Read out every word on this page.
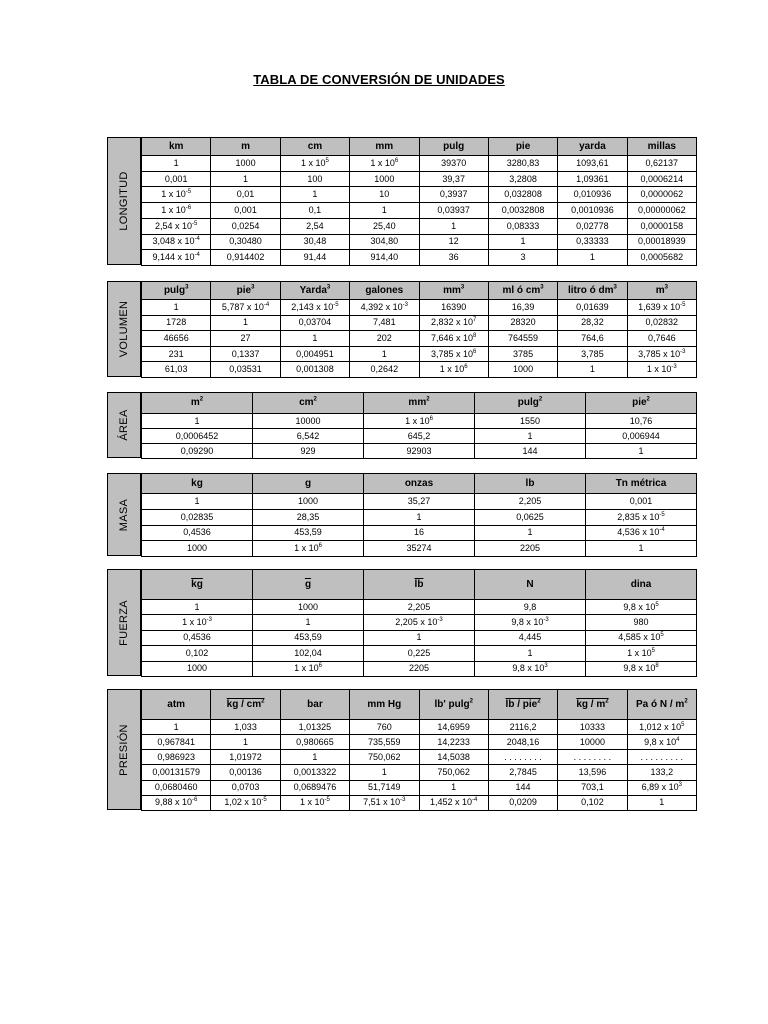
TABLA DE CONVERSIÓN DE UNIDADES
LONGITUD
km	m	cm	mm	pulg	pie	yarda	millas
1	1000	1 x $10^5$	1 x $10^6$	39370	3280,83	1093,61	0,62137
0,001	1	100	1000	39,37	3,2808	1,09361	0,0006214
1 x $10^{-5}$	0,01	1	10	0,3937	0,032808	0,010936	0,0000062
1 x $10^{-6}$	0,001	0,1	1	0,03937	0,0032808	0,0010936	0,00000062
2,54 x $10^{-5}$	0,0254	2,54	25,40	1	0,08333	0,02778	0,0000158
3,048 x $10^{-4}$	0,30480	30,48	304,80	12	1	0,33333	0,00018939
9,144 x $10^{-4}$	0,914402	91,44	914,40	36	3	1	0,0005682
VOLUMEN
pulg$^3$	pie$^3$	Yarda$^3$	galones	$mm^3$	ml ó $cm^3$	litro ó $dm^3$	$m^3$
1	5,787 x $10^{-4}$	2,143 x $10^{-5}$	4,392 x $10^{-3}$	16390	16,39	0,01639	1,639 x $10^{-5}$
1728	1	0,03704	7,481	2,832 x $10^7$	28320	28,32	0,02832
46656	27	1	202	7,646 x $10^8$	764559	764,6	0,7646
231	0,1337	0,004951	1	3,785 x $10^6$	3785	3,785	3,785 x $10^{-3}$
61,03	0,03531	0,001308	0,2642	1 x $10^6$	1000	1	1 x $10^{-3}$
ÁREA
$m^2$	$cm^2$	$mm^2$	pulg$^2$	pie$^2$
1	10000	1 x $10^6$	1550	10,76
0,0006452	6,542	645,2	1	0,006944
0,09290	929	92903	144	1
MASA
kg	g	onzas	lb	Tn métrica
1	1000	35,27	2,205	0,001
0,02835	28,35	1	0,0625	2,835 x $10^{-5}$
0,4536	453,59	16	1	4,536 x $10^{-4}$
1000	1 x $10^6$	35274	2205	1
FUERZA
$\overline{kg}$	$\overline{g}$	$\overline{lb}$	N	dina
1	1000	2,205	9,8	9,8 x $10^5$
1 x $10^{-3}$	1	2,205 x $10^{-3}$	9,8 x $10^{-3}$	980
0,4536	453,59	1	4,445	4,585 x $10^5$
0,102	102,04	0,225	1	1 x $10^5$
1000	1 x $10^6$	2205	9,8 x $10^3$	9,8 x $10^8$
PRESIÓN
atm	kg / $cm^2$	bar	mm Hg	lb' pulg$^2$	lb / pie$^2$	kg / $m^2$	Pa ó N / $m^2$
1	1,033	1,01325	760	14,6959	2116,2	10333	1,012 x $10^5$
0,967841	1	0,980665	735,559	14,2233	2048,16	10000	9,8 x $10^4$
0,986923	1,01972	1	750,062	14,5038	. . . . . . . .	. . . . . . . .	. . . . . . . . .
0,00131579	0,00136	0,0013322	1	750,062	2,7845	13,596	133,2
0,0680460	0,0703	0,0689476	51,7149	1	144	703,1	6,89 x $10^3$
9,88 x $10^{-6}$	1,02 x $10^{-5}$	1 x $10^{-5}$	7,51 x $10^{-3}$	1,452 x $10^{-4}$	0,0209	0,102	1
